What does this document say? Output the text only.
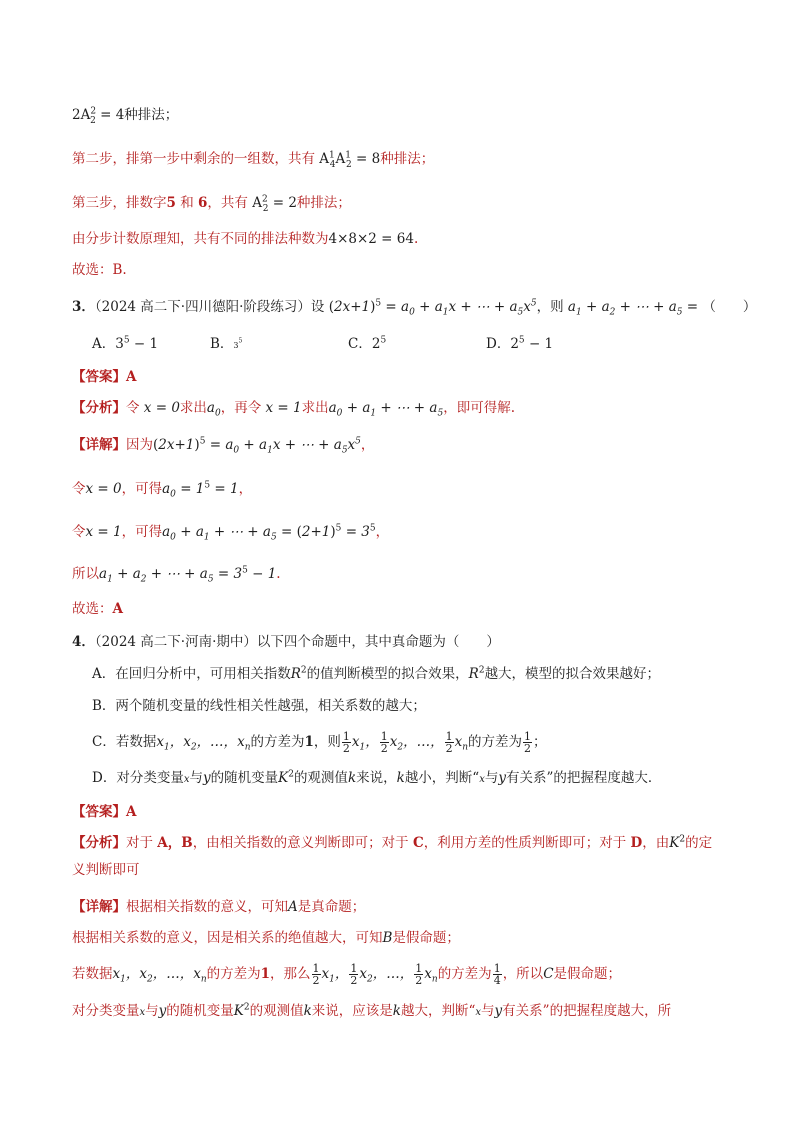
$2A^2_2 = 4$种排法；
第二步，排第一步中剩余的一组数，共有 $A^1_4A^1_2 = 8$种排法；
第三步，排数字5 和 6，共有 $A^2_2 = 2$种排法；
由分步计数原理知，共有不同的排法种数为4×8×2 = 64.
故选：B.
3．（2024 高二下·四川德阳·阶段练习）设 $(2x+1)^5 = a_0 + a_1x$ + ⋯ + $a_5x^5$，则 $a_1 + a_2$ + ⋯ + $a_5$ = （　　）
A．$3^5 - 1$	B．$3^5$	C．$2^5$	D．$2^5 - 1$
【答案】A
【分析】令 x = 0求出$a_0$，再令 x = 1求出$a_0 + a_1$ + ⋯ + $a_5$，即可得解.
【详解】因为$(2x+1)^5 = a_0 + a_1x$ + ⋯ + $a_5x^5$，
令x = 0，可得$a_0 = 1^5 = 1$，
令x = 1，可得$a_0 + a_1$ + ⋯ + $a_5 = (2+1)^5 = 3^5$，
所以$a_1 + a_2$ + ⋯ + $a_5 = 3^5 - 1$.
故选：A
4．（2024 高二下·河南·期中）以下四个命题中，其中真命题为（　　）
A．在回归分析中，可用相关指数$R^2$的值判断模型的拟合效果，$R^2$越大，模型的拟合效果越好；
B．两个随机变量的线性相关性越强，相关系数的越大；
C．若数据$x_1$，$x_2$，…，$x_n$的方差为1，则 $\frac{1}{2} x_1$， $\frac{1}{2} x_2$，…， $\frac{1}{2} x_n$的方差为 $\frac{1}{2}$ ；
D．对分类变量x与y的随机变量$K^2$的观测值k来说，k越小，判断“x与y有关系”的把握程度越大．
【答案】A
【分析】对于 A，B，由相关指数的意义判断即可；对于 C，利用方差的性质判断即可；对于 D，由$K^2$的定
义判断即可
【详解】根据相关指数的意义，可知A是真命题；
根据相关系数的意义，因是相关系的绝值越大，可知B是假命题；
若数据$x_1$，$x_2$，…，$x_n$的方差为1，那么 $\frac{1}{2} x_1$， $\frac{1}{2} x_2$，…， $\frac{1}{2} x_n$的方差为 $\frac{1}{4}$ ，所以C是假命题；
对分类变量x与y的随机变量$K^2$的观测值k来说，应该是k越大，判断“x与y有关系”的把握程度越大，所
